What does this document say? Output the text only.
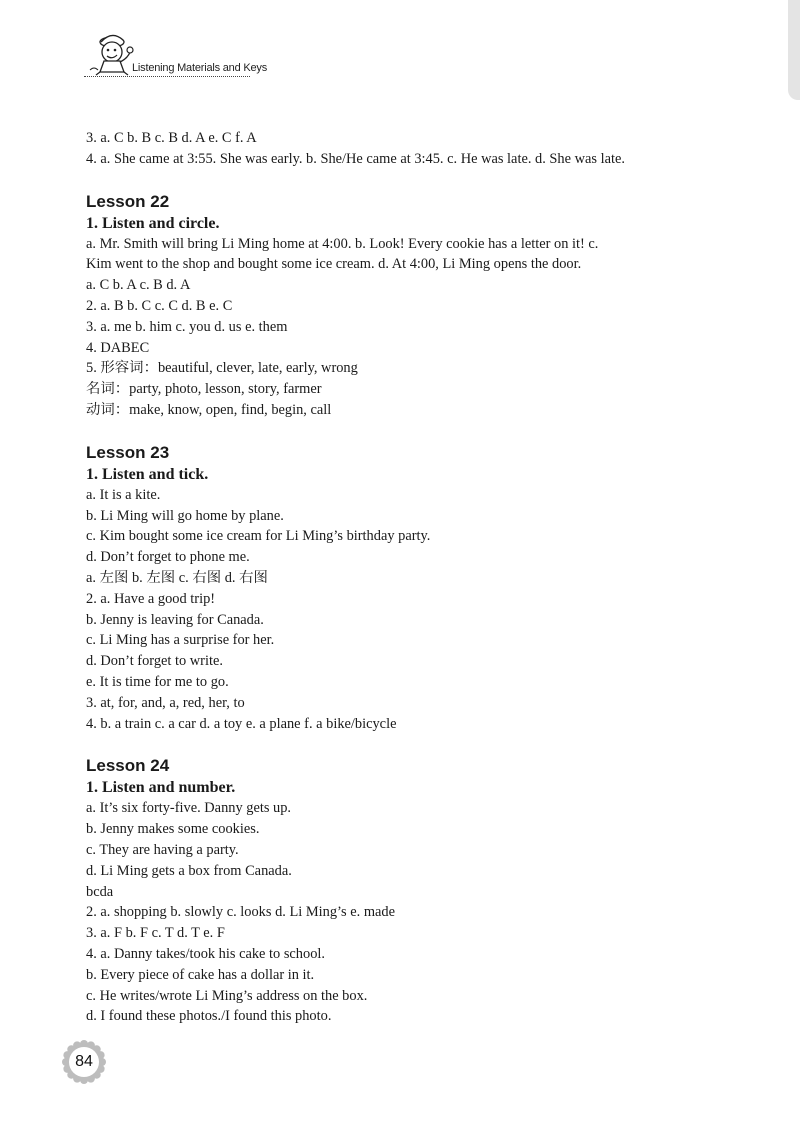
Listening Materials and Keys
3. a. C b. B c. B d. A e. C f. A
4. a. She came at 3:55. She was early. b. She/He came at 3:45. c. He was late. d. She was late.
Lesson 22
1. Listen and circle.
a. Mr. Smith will bring Li Ming home at 4:00. b. Look! Every cookie has a letter on it! c.
Kim went to the shop and bought some ice cream. d. At 4:00, Li Ming opens the door.
a. C b. A c. B d. A
2. a. B b. C c. C d. B e. C
3. a. me b. him c. you d. us e. them
4. DABEC
5. 形容词：beautiful, clever, late, early, wrong
名词：party, photo, lesson, story, farmer
动词：make, know, open, find, begin, call
Lesson 23
1. Listen and tick.
a. It is a kite.
b. Li Ming will go home by plane.
c. Kim bought some ice cream for Li Ming’s birthday party.
d. Don’t forget to phone me.
a. 左图 b. 左图 c. 右图 d. 右图
2. a. Have a good trip!
b. Jenny is leaving for Canada.
c. Li Ming has a surprise for her.
d. Don’t forget to write.
e. It is time for me to go.
3. at, for, and, a, red, her, to
4. b. a train c. a car d. a toy e. a plane f. a bike/bicycle
Lesson 24
1. Listen and number.
a. It’s six forty-five. Danny gets up.
b. Jenny makes some cookies.
c. They are having a party.
d. Li Ming gets a box from Canada.
bcda
2. a. shopping b. slowly c. looks d. Li Ming’s e. made
3. a. F b. F c. T d. T e. F
4. a. Danny takes/took his cake to school.
b. Every piece of cake has a dollar in it.
c. He writes/wrote Li Ming’s address on the box.
d. I found these photos./I found this photo.
84
